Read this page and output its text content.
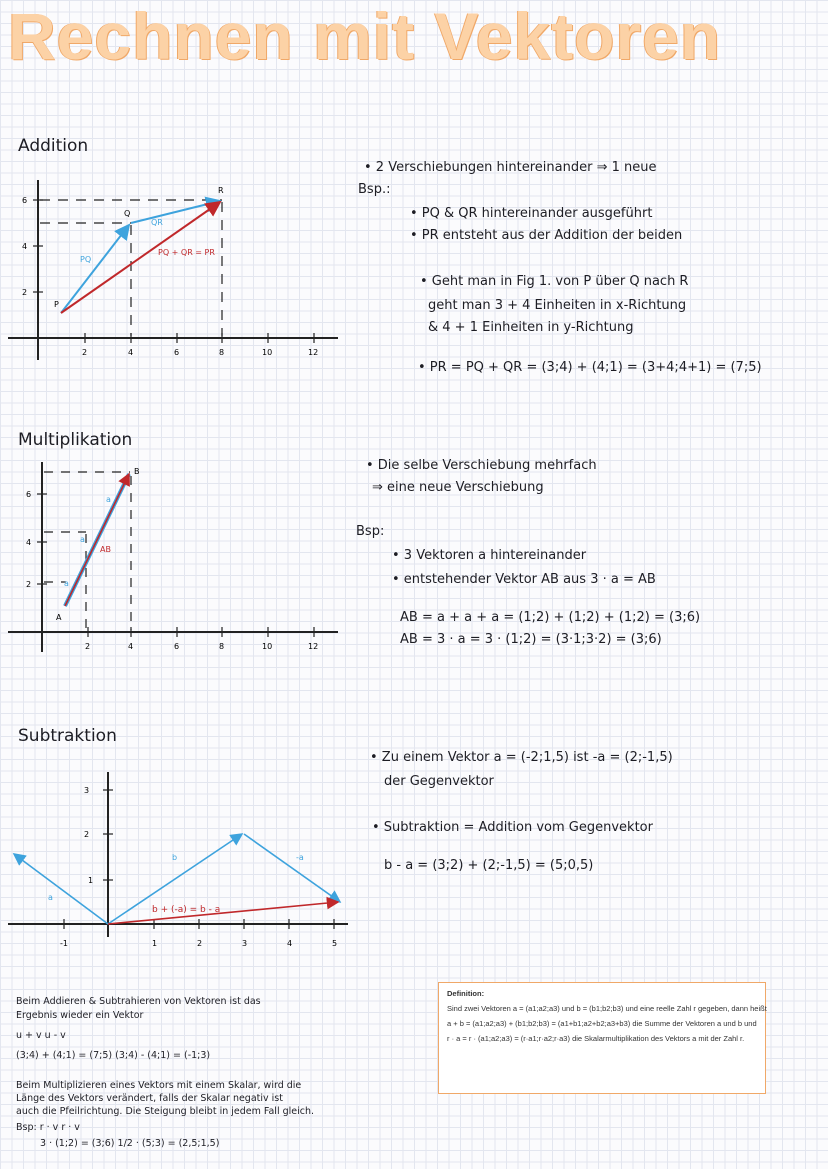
Rechnen mit Vektoren
Addition
2	4	6	8	10	12
6
4
2
P
Q
R
PQ
QR
PQ + QR = PR
• 2 Verschiebungen hintereinander ⇒ 1 neue
Bsp.:
• PQ & QR hintereinander ausgeführt
• PR entsteht aus der Addition der beiden
• Geht man in Fig 1. von P über Q nach R
geht man 3 + 4 Einheiten in x-Richtung
& 4 + 1 Einheiten in y-Richtung
• PR = PQ + QR = (3;4) + (4;1) = (3+4;4+1) = (7;5)
Multiplikation
2	4	6	8	10	12
6
4
2
A
B
a
a
a
AB
• Die selbe Verschiebung mehrfach
⇒ eine neue Verschiebung
Bsp:
• 3 Vektoren a hintereinander
• entstehender Vektor AB aus 3 · a = AB
AB = a + a + a = (1;2) + (1;2) + (1;2) = (3;6)
AB = 3 · a = 3 · (1;2) = (3·1;3·2) = (3;6)
Subtraktion
-1	1	2	3	4	5
3
2
1
a
b	-a
b + (-a) = b - a
• Zu einem Vektor a = (-2;1,5) ist -a = (2;-1,5)
der Gegenvektor
• Subtraktion = Addition vom Gegenvektor
b - a = (3;2) + (2;-1,5) = (5;0,5)
Beim Addieren & Subtrahieren von Vektoren ist das
Ergebnis wieder ein Vektor
u + v u - v
(3;4) + (4;1) = (7;5) (3;4) - (4;1) = (-1;3)
Beim Multiplizieren eines Vektors mit einem Skalar, wird die
Länge des Vektors verändert, falls der Skalar negativ ist
auch die Pfeilrichtung. Die Steigung bleibt in jedem Fall gleich.
Bsp: r · v r · v
3 · (1;2) = (3;6) 1/2 · (5;3) = (2,5;1,5)
Definition:
Sind zwei Vektoren a = (a1;a2;a3) und b = (b1;b2;b3) und eine reelle Zahl r gegeben, dann heißt
a + b = (a1;a2;a3) + (b1;b2;b3) = (a1+b1;a2+b2;a3+b3) die Summe der Vektoren a und b und
r · a = r · (a1;a2;a3) = (r·a1;r·a2;r·a3) die Skalarmultiplikation des Vektors a mit der Zahl r.
